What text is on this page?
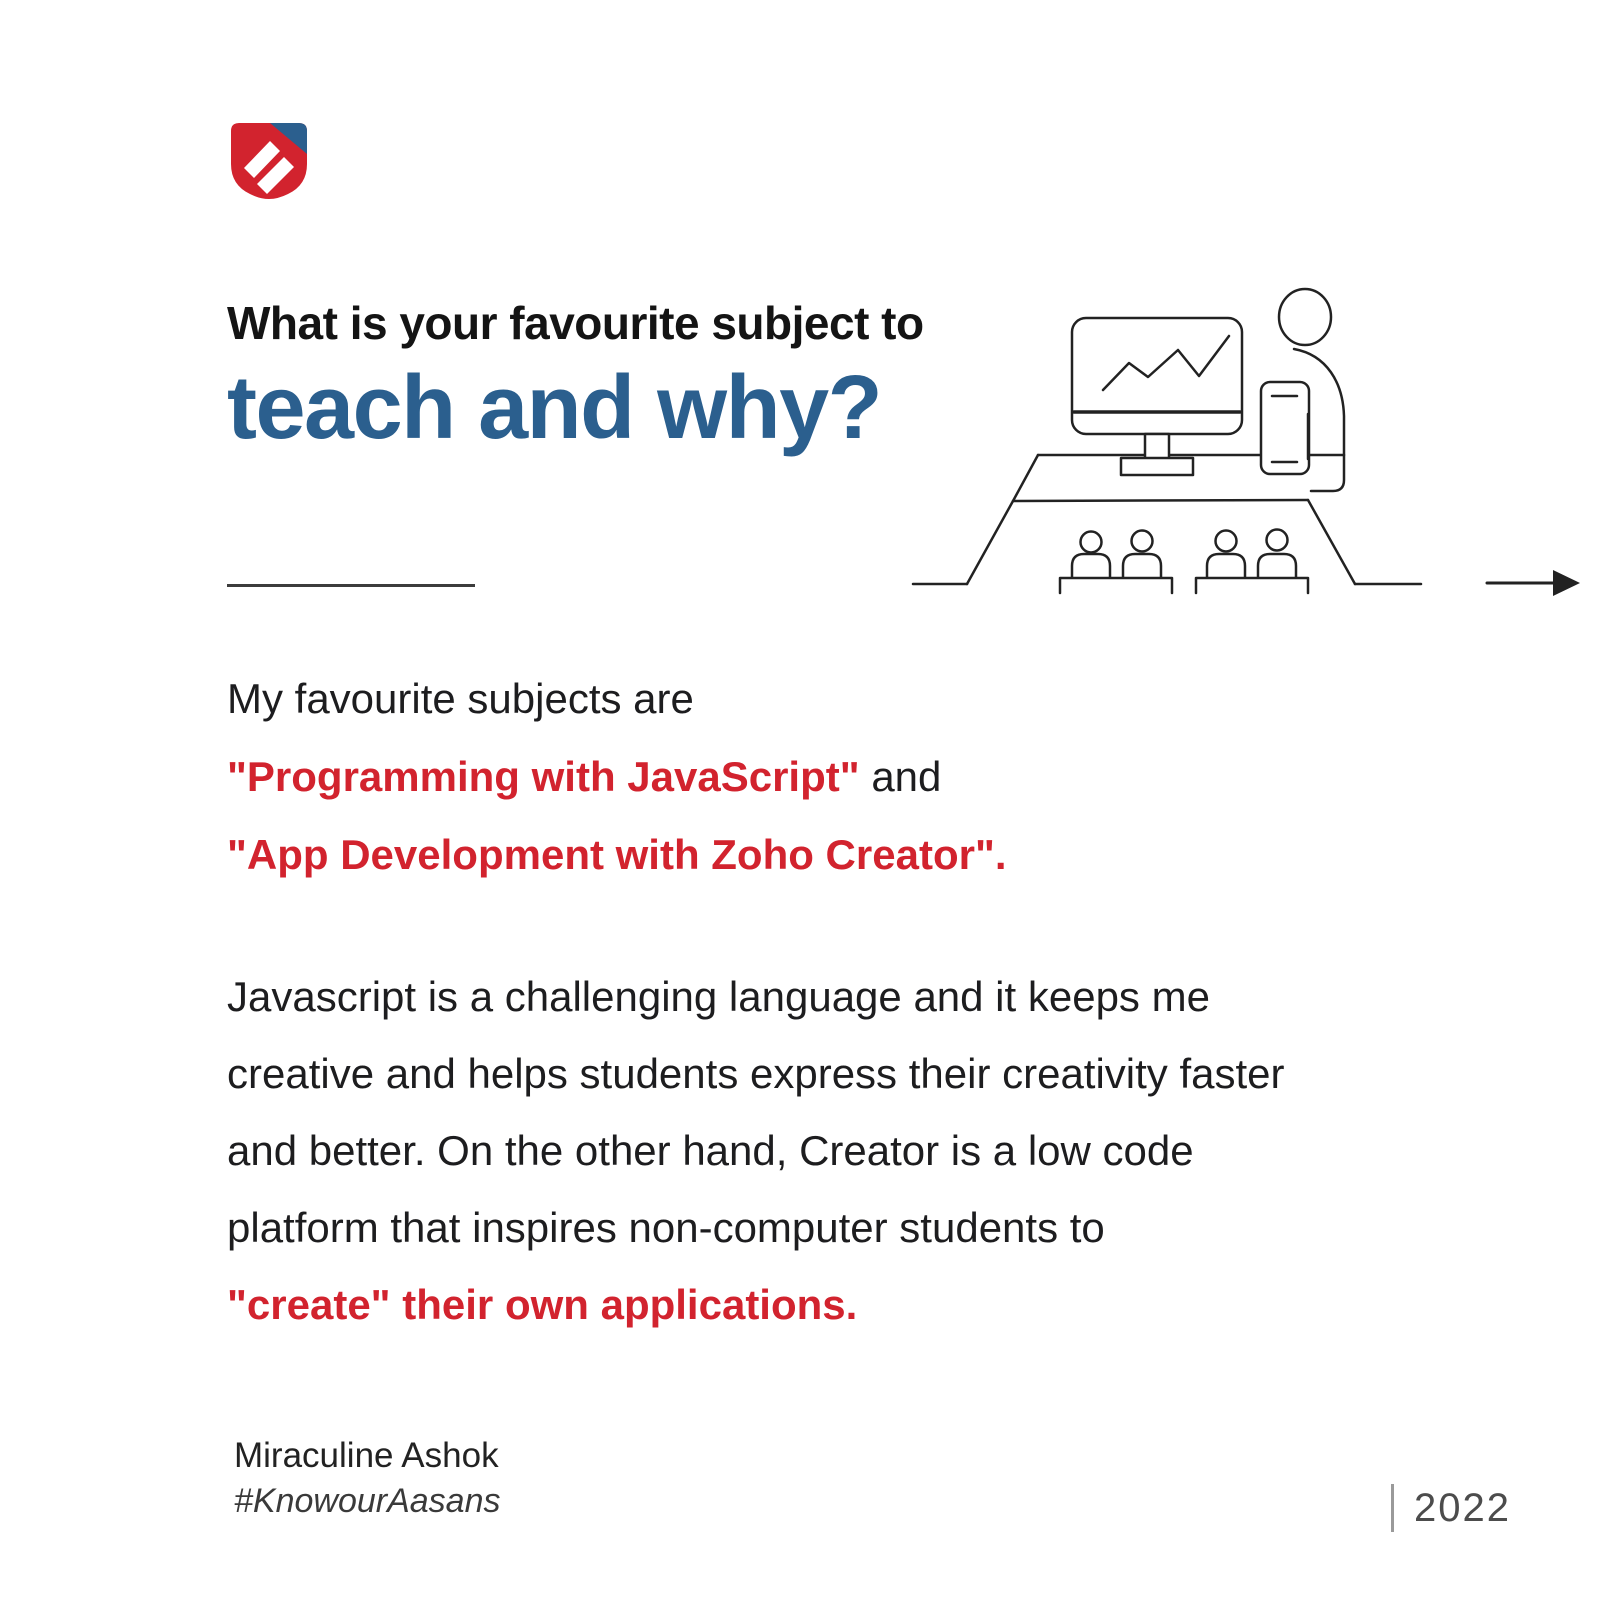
What is your favourite subject to
teach and why?
My favourite subjects are
"Programming with JavaScript" and
"App Development with Zoho Creator".
Javascript is a challenging language and it keeps me
creative and helps students express their creativity faster
and better. On the other hand, Creator is a low code
platform that inspires non-computer students to
"create" their own applications.
Miraculine Ashok
#KnowourAasans	2022
